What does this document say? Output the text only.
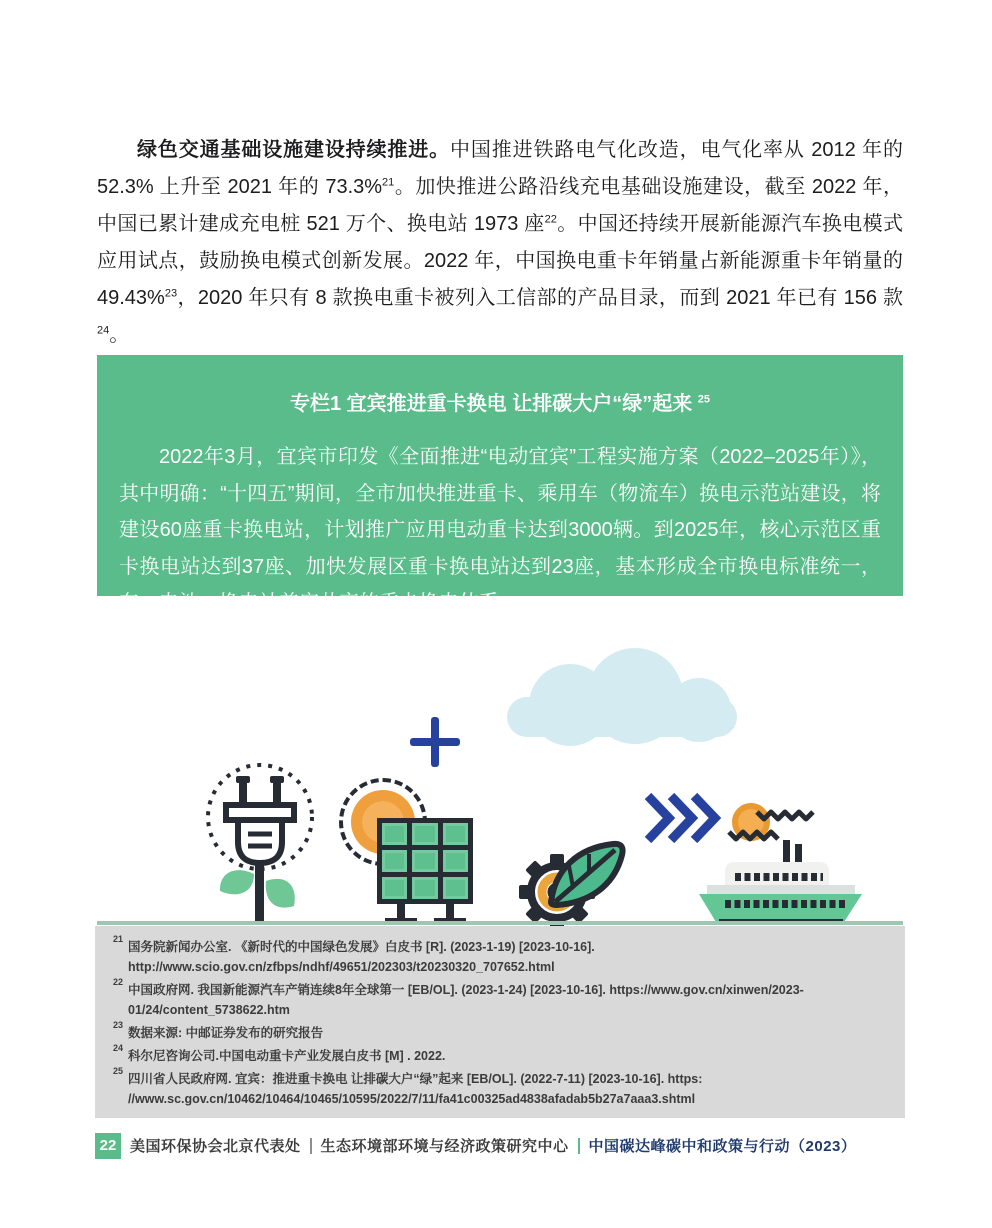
绿色交通基础设施建设持续推进。中国推进铁路电气化改造，电气化率从 2012 年的 52.3% 上升至 2021 年的 73.3%$^{21}$。加快推进公路沿线充电基础设施建设，截至 2022 年，中国已累计建成充电桩 521 万个、换电站 1973 座$^{22}$。中国还持续开展新能源汽车换电模式应用试点，鼓励换电模式创新发展。2022 年，中国换电重卡年销量占新能源重卡年销量的 49.43%$^{23}$，2020 年只有 8 款换电重卡被列入工信部的产品目录，而到 2021 年已有 156 款$^{24}$。

专栏1 宜宾推进重卡换电 让排碳大户“绿”起来 $^{25}$

2022年3月，宜宾市印发《全面推进“电动宜宾”工程实施方案（2022–2025年）》，其中明确：“十四五”期间，全市加快推进重卡、乘用车（物流车）换电示范站建设，将建设60座重卡换电站，计划推广应用电动重卡达到3000辆。到2025年，核心示范区重卡换电站达到37座、加快发展区重卡换电站达到23座，基本形成全市换电标准统一，车、电池、换电站兼容共享的重卡换电体系。

21
国务院新闻办公室. 《新时代的中国绿色发展》白皮书 [R]. (2023-1-19) [2023-10-16]. http://www.scio.gov.cn/zfbps/ndhf/49651/202303/t20230320_707652.html
22
中国政府网. 我国新能源汽车产销连续8年全球第一 [EB/OL]. (2023-1-24) [2023-10-16]. https://www.gov.cn/xinwen/2023-01/24/content_5738622.htm
23
数据来源: 中邮证券发布的研究报告
24
科尔尼咨询公司.中国电动重卡产业发展白皮书 [M] . 2022.
25
四川省人民政府网. 宜宾：推进重卡换电 让排碳大户“绿”起来 [EB/OL]. (2022-7-11) [2023-10-16]. https: //www.sc.gov.cn/10462/10464/10465/10595/2022/7/11/fa41c00325ad4838afadab5b27a7aaa3.shtml
22 美国环保协会北京代表处 生态环境部环境与经济政策研究中心 中国碳达峰碳中和政策与行动（2023）
